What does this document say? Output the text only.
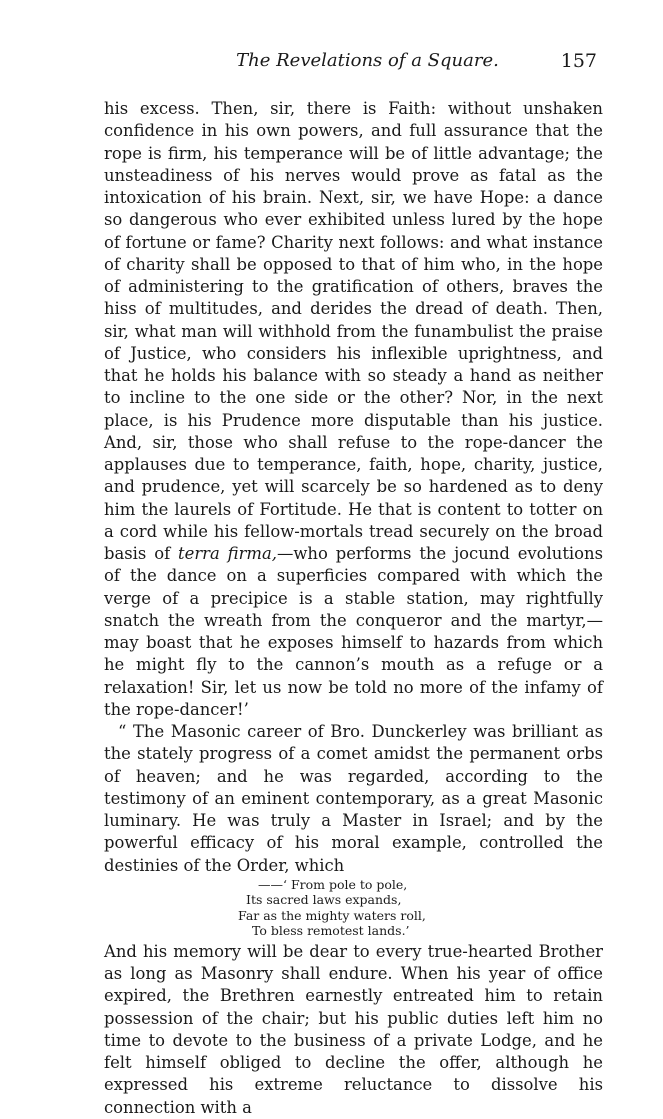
The Revelations of a Square.	157

his excess. Then, sir, there is Faith: without unshaken confidence in his own powers, and full assurance that the rope is firm, his temperance will be of little advantage; the unsteadiness of his nerves would prove as fatal as the intoxication of his brain. Next, sir, we have Hope: a dance so dangerous who ever exhibited unless lured by the hope of fortune or fame? Charity next follows: and what instance of charity shall be opposed to that of him who, in the hope of administering to the gratification of others, braves the hiss of multitudes, and derides the dread of death. Then, sir, what man will withhold from the funambulist the praise of Justice, who considers his inflexible uprightness, and that he holds his balance with so steady a hand as neither to incline to the one side or the other? Nor, in the next place, is his Prudence more disputable than his justice. And, sir, those who shall refuse to the rope-dancer the applauses due to temperance, faith, hope, charity, justice, and prudence, yet will scarcely be so hardened as to deny him the laurels of Fortitude. He that is content to totter on a cord while his fellow-mortals tread securely on the broad basis of terra firma,—who performs the jocund evolutions of the dance on a superficies compared with which the verge of a precipice is a stable station, may rightfully snatch the wreath from the conqueror and the martyr,—may boast that he exposes himself to hazards from which he might fly to the cannon’s mouth as a refuge or a relaxation! Sir, let us now be told no more of the infamy of the rope-dancer!’

“ The Masonic career of Bro. Dunckerley was brilliant as the stately progress of a comet amidst the permanent orbs of heaven; and he was regarded, according to the testimony of an eminent contemporary, as a great Masonic luminary. He was truly a Master in Israel; and by the powerful efficacy of his moral example, controlled the destinies of the Order, which

——‘ From pole to pole,
Its sacred laws expands,
Far as the mighty waters roll,
To bless remotest lands.’

And his memory will be dear to every true-hearted Brother as long as Masonry shall endure. When his year of office expired, the Brethren earnestly entreated him to retain possession of the chair; but his public duties left him no time to devote to the business of a private Lodge, and he felt himself obliged to decline the offer, although he expressed his extreme reluctance to dissolve his connection with a
